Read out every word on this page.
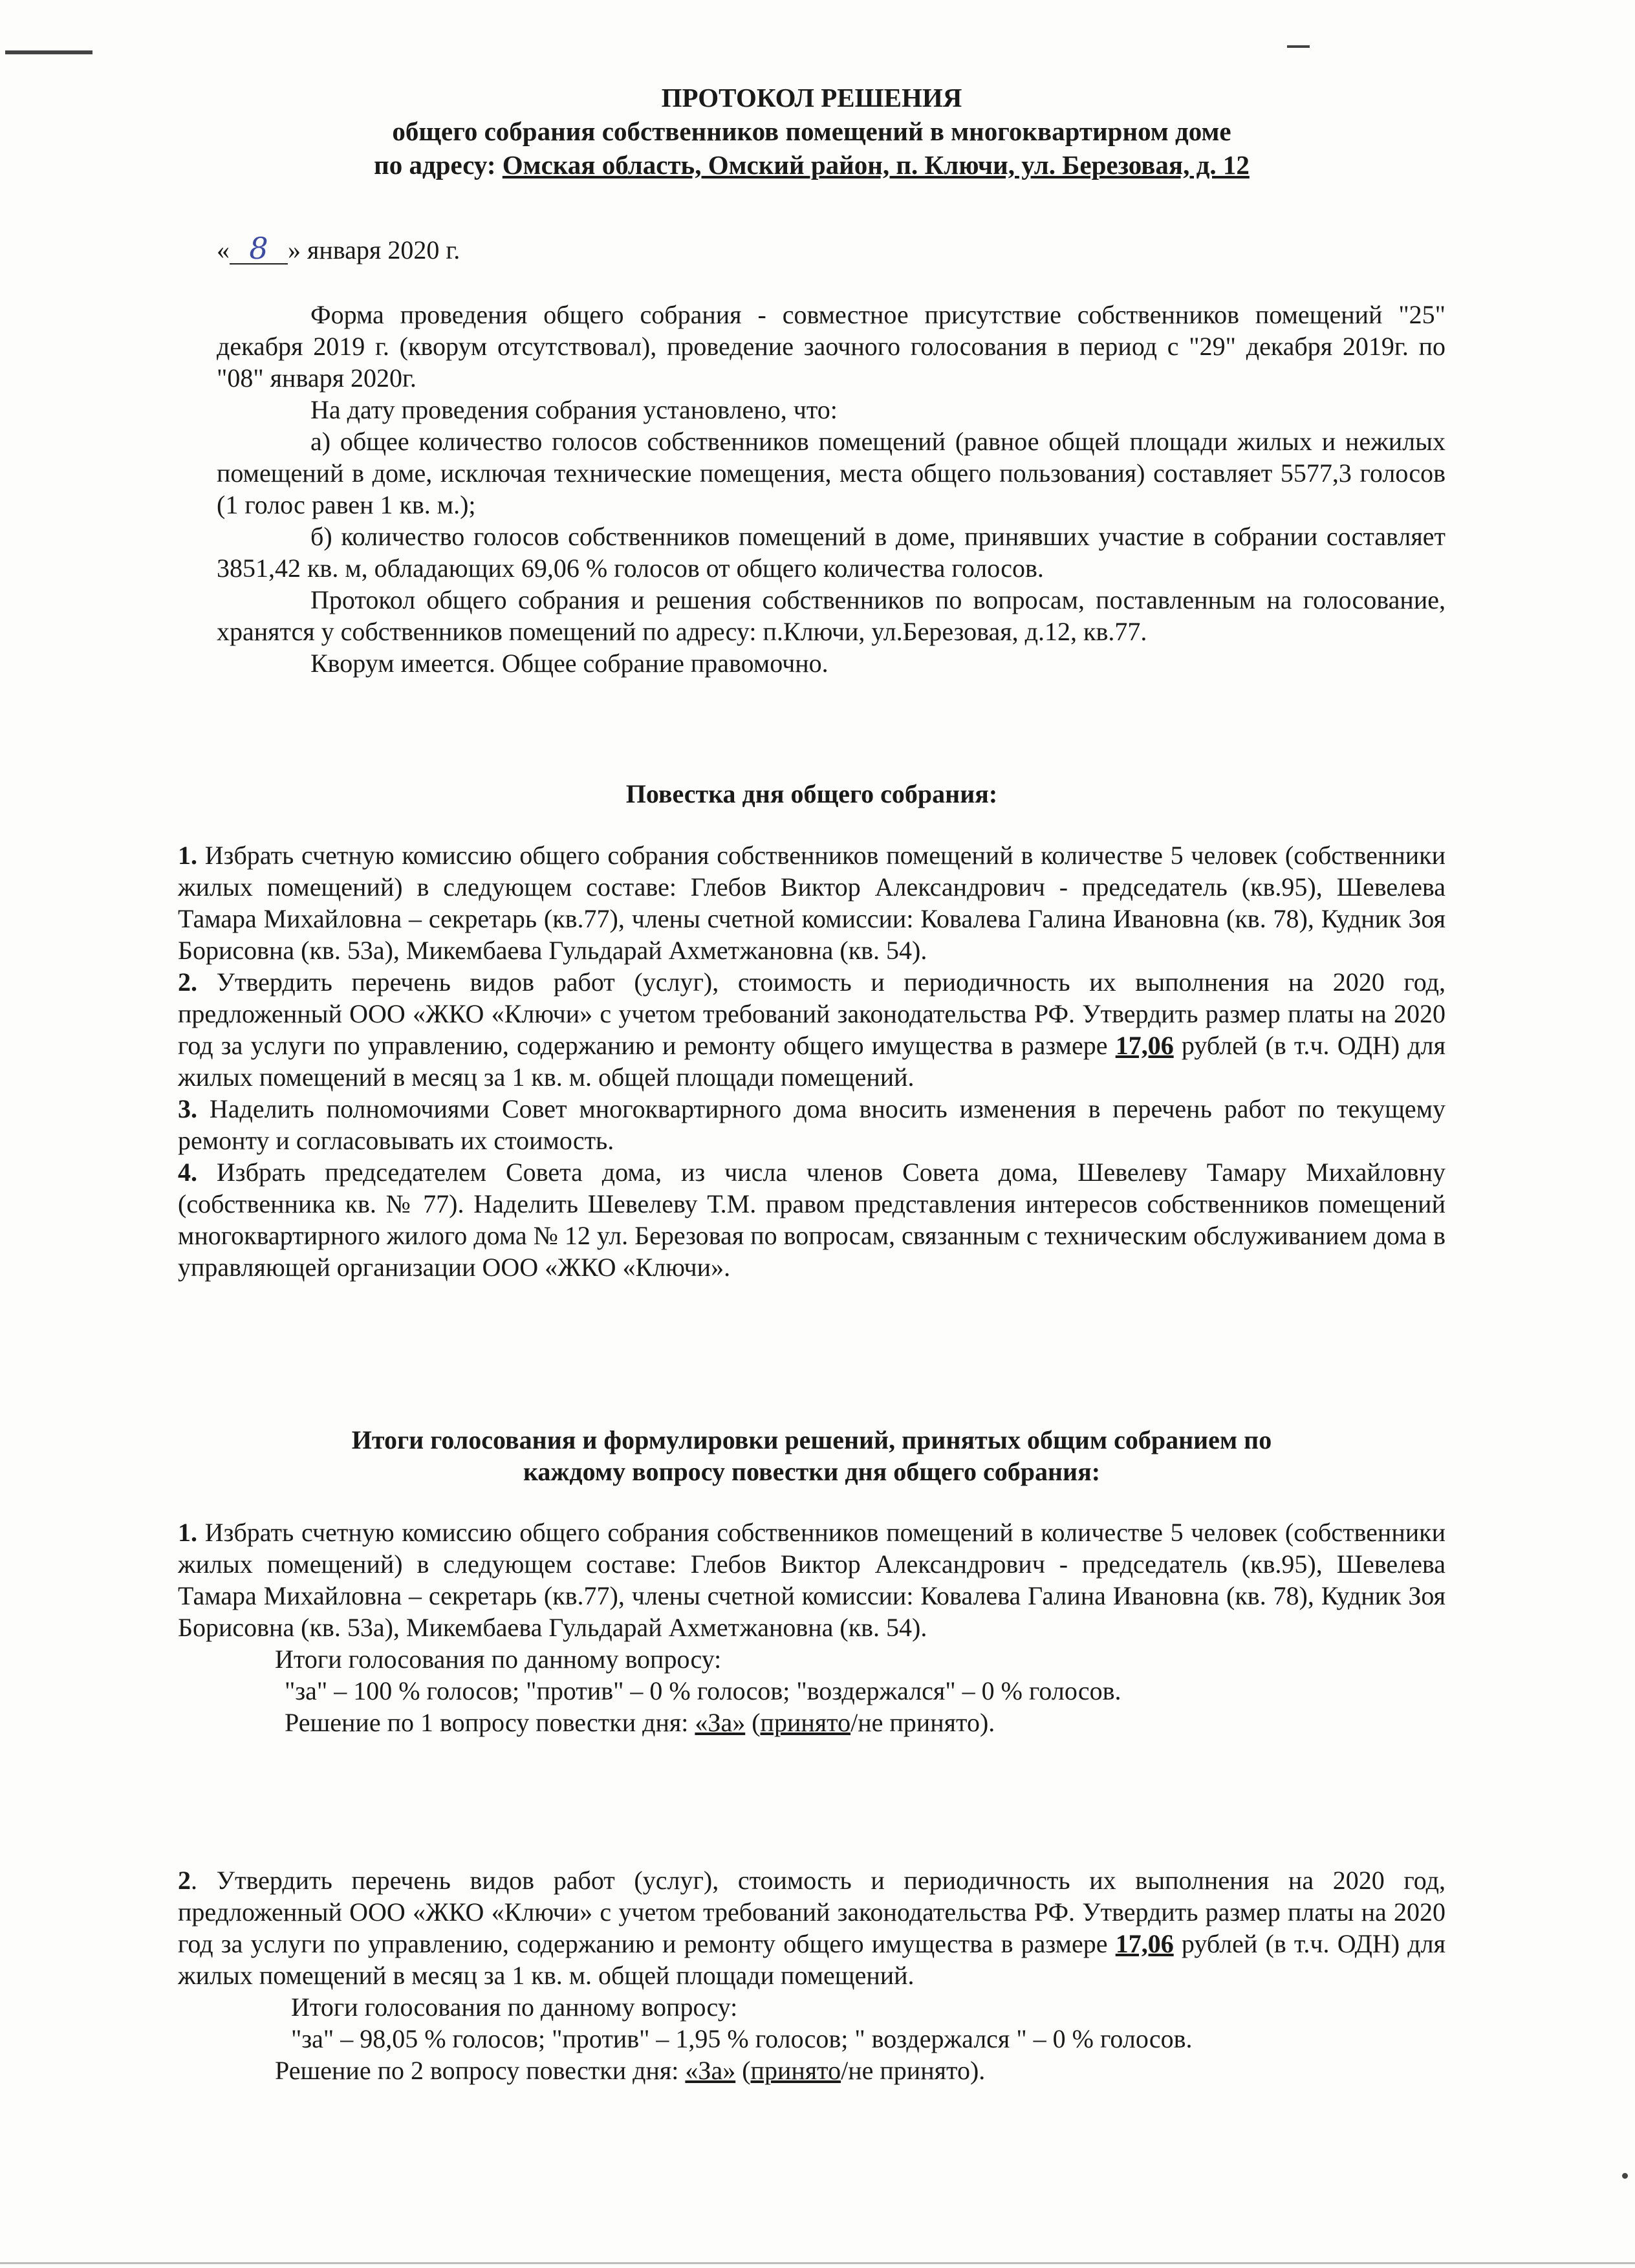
ПРОТОКОЛ РЕШЕНИЯ
общего собрания собственников помещений в многоквартирном доме
по адресу: Омская область, Омский район, п. Ключи, ул. Березовая, д. 12
« 8 » января 2020 г.

Форма проведения общего собрания - совместное присутствие собственников помещений "25" декабря 2019 г. (кворум отсутствовал), проведение заочного голосования в период с "29" декабря 2019г. по "08" января 2020г.

На дату проведения собрания установлено, что:

а) общее количество голосов собственников помещений (равное общей площади жилых и нежилых помещений в доме, исключая технические помещения, места общего пользования) составляет 5577,3 голосов (1 голос равен 1 кв. м.);

б) количество голосов собственников помещений в доме, принявших участие в собрании составляет 3851,42 кв. м, обладающих 69,06 % голосов от общего количества голосов.

Протокол общего собрания и решения собственников по вопросам, поставленным на голосование, хранятся у собственников помещений по адресу: п.Ключи, ул.Березовая, д.12, кв.77.

Кворум имеется. Общее собрание правомочно.

Повестка дня общего собрания:

1. Избрать счетную комиссию общего собрания собственников помещений в количестве 5 человек (собственники жилых помещений) в следующем составе: Глебов Виктор Александрович - председатель (кв.95), Шевелева Тамара Михайловна – секретарь (кв.77), члены счетной комиссии: Ковалева Галина Ивановна (кв. 78), Кудник Зоя Борисовна (кв. 53а), Микембаева Гульдарай Ахметжановна (кв. 54).

2. Утвердить перечень видов работ (услуг), стоимость и периодичность их выполнения на 2020 год, предложенный ООО «ЖКО «Ключи» с учетом требований законодательства РФ. Утвердить размер платы на 2020 год за услуги по управлению, содержанию и ремонту общего имущества в размере 17,06 рублей (в т.ч. ОДН) для жилых помещений в месяц за 1 кв. м. общей площади помещений.

3. Наделить полномочиями Совет многоквартирного дома вносить изменения в перечень работ по текущему ремонту и согласовывать их стоимость.

4. Избрать председателем Совета дома, из числа членов Совета дома, Шевелеву Тамару Михайловну (собственника кв. № 77). Наделить Шевелеву Т.М. правом представления интересов собственников помещений многоквартирного жилого дома № 12 ул. Березовая по вопросам, связанным с техническим обслуживанием дома в управляющей организации ООО «ЖКО «Ключи».

Итоги голосования и формулировки решений, принятых общим собранием по
каждому вопросу повестки дня общего собрания:

1. Избрать счетную комиссию общего собрания собственников помещений в количестве 5 человек (собственники жилых помещений) в следующем составе: Глебов Виктор Александрович - председатель (кв.95), Шевелева Тамара Михайловна – секретарь (кв.77), члены счетной комиссии: Ковалева Галина Ивановна (кв. 78), Кудник Зоя Борисовна (кв. 53а), Микембаева Гульдарай Ахметжановна (кв. 54).

Итоги голосования по данному вопросу:

"за" – 100 % голосов; "против" – 0 % голосов; "воздержался" – 0 % голосов.

Решение по 1 вопросу повестки дня: «За» (принято/не принято).

2. Утвердить перечень видов работ (услуг), стоимость и периодичность их выполнения на 2020 год, предложенный ООО «ЖКО «Ключи» с учетом требований законодательства РФ. Утвердить размер платы на 2020 год за услуги по управлению, содержанию и ремонту общего имущества в размере 17,06 рублей (в т.ч. ОДН) для жилых помещений в месяц за 1 кв. м. общей площади помещений.

Итоги голосования по данному вопросу:

"за" – 98,05 % голосов; "против" – 1,95 % голосов; " воздержался " – 0 % голосов.

Решение по 2 вопросу повестки дня: «За» (принято/не принято).
